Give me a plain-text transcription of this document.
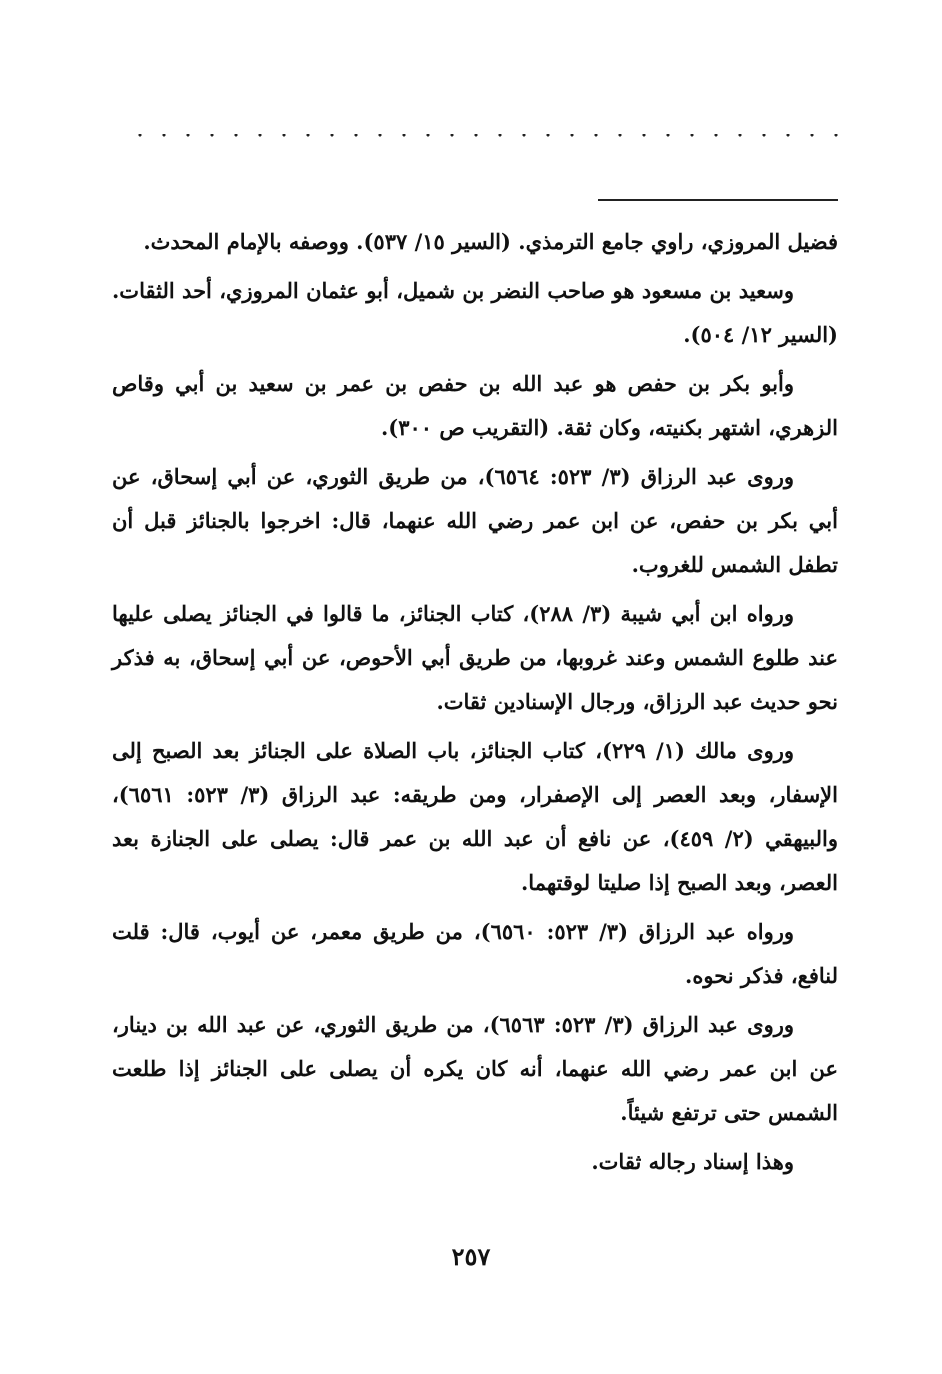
فضيل المروزي، راوي جامع الترمذي. (السير ١٥/ ٥٣٧). ووصفه بالإمام المحدث.

وسعيد بن مسعود هو صاحب النضر بن شميل، أبو عثمان المروزي، أحد الثقات. (السير ١٢/ ٥٠٤).

وأبو بكر بن حفص هو عبد الله بن حفص بن عمر بن سعيد بن أبي وقاص الزهري، اشتهر بكنيته، وكان ثقة. (التقريب ص ٣٠٠).

وروى عبد الرزاق (٣/ ٥٢٣: ٦٥٦٤)، من طريق الثوري، عن أبي إسحاق، عن أبي بكر بن حفص، عن ابن عمر رضي الله عنهما، قال: اخرجوا بالجنائز قبل أن تطفل الشمس للغروب.

ورواه ابن أبي شيبة (٣/ ٢٨٨)، كتاب الجنائز، ما قالوا في الجنائز يصلى عليها عند طلوع الشمس وعند غروبها، من طريق أبي الأحوص، عن أبي إسحاق، به فذكر نحو حديث عبد الرزاق، ورجال الإسنادين ثقات.

وروى مالك (١/ ٢٢٩)، كتاب الجنائز، باب الصلاة على الجنائز بعد الصبح إلى الإسفار، وبعد العصر إلى الإصفرار، ومن طريقه: عبد الرزاق (٣/ ٥٢٣: ٦٥٦١)، والبيهقي (٢/ ٤٥٩)، عن نافع أن عبد الله بن عمر قال: يصلى على الجنازة بعد العصر، وبعد الصبح إذا صليتا لوقتهما.

ورواه عبد الرزاق (٣/ ٥٢٣: ٦٥٦٠)، من طريق معمر، عن أيوب، قال: قلت لنافع، فذكر نحوه.

وروى عبد الرزاق (٣/ ٥٢٣: ٦٥٦٣)، من طريق الثوري، عن عبد الله بن دينار، عن ابن عمر رضي الله عنهما، أنه كان يكره أن يصلى على الجنائز إذا طلعت الشمس حتى ترتفع شيئاً.

وهذا إسناد رجاله ثقات.

٢٥٧
